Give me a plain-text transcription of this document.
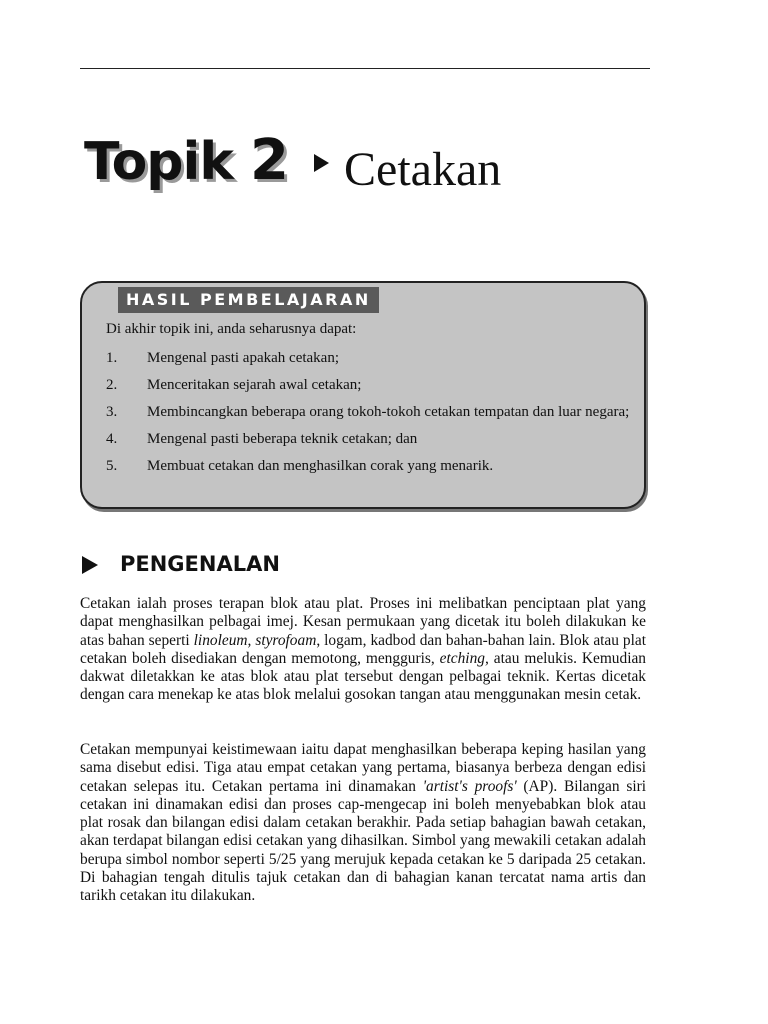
Topik 2 Cetakan
HASIL PEMBELAJARAN
Di akhir topik ini, anda seharusnya dapat:
1. Mengenal pasti apakah cetakan;
2. Menceritakan sejarah awal cetakan;
3. Membincangkan beberapa orang tokoh-tokoh cetakan tempatan dan luar negara;
4. Mengenal pasti beberapa teknik cetakan; dan
5. Membuat cetakan dan menghasilkan corak yang menarik.
PENGENALAN

Cetakan ialah proses terapan blok atau plat. Proses ini melibatkan penciptaan plat yang dapat menghasilkan pelbagai imej. Kesan permukaan yang dicetak itu boleh dilakukan ke atas bahan seperti linoleum, styrofoam, logam, kadbod dan bahan-bahan lain. Blok atau plat cetakan boleh disediakan dengan memotong, mengguris, etching, atau melukis. Kemudian dakwat diletakkan ke atas blok atau plat tersebut dengan pelbagai teknik. Kertas dicetak dengan cara menekap ke atas blok melalui gosokan tangan atau menggunakan mesin cetak.

Cetakan mempunyai keistimewaan iaitu dapat menghasilkan beberapa keping hasilan yang sama disebut edisi. Tiga atau empat cetakan yang pertama, biasanya berbeza dengan edisi cetakan selepas itu. Cetakan pertama ini dinamakan 'artist's proofs' (AP). Bilangan siri cetakan ini dinamakan edisi dan proses cap-mengecap ini boleh menyebabkan blok atau plat rosak dan bilangan edisi dalam cetakan berakhir. Pada setiap bahagian bawah cetakan, akan terdapat bilangan edisi cetakan yang dihasilkan. Simbol yang mewakili cetakan adalah berupa simbol nombor seperti 5/25 yang merujuk kepada cetakan ke 5 daripada 25 cetakan. Di bahagian tengah ditulis tajuk cetakan dan di bahagian kanan tercatat nama artis dan tarikh cetakan itu dilakukan.
